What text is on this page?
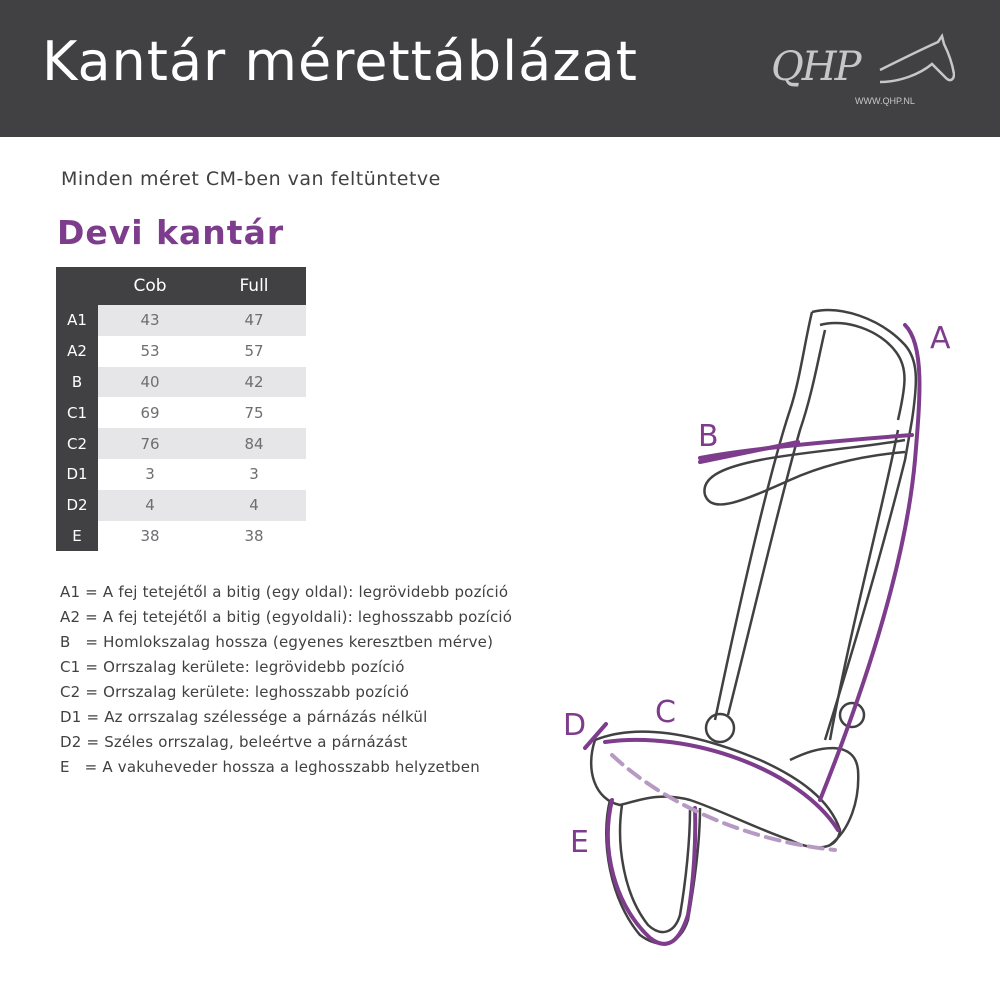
Kantár mérettáblázat	QHP
WWW.QHP.NL
Minden méret CM-ben van feltüntetve
Devi kantár
	Cob	Full
A1	43	47
A2	53	57
B	40	42
C1	69	75
C2	76	84
D1	3	3
D2	4	4
E	38	38
A1 = A fej tetejétől a bitig (egy oldal): legrövidebb pozíció
A2 = A fej tetejétől a bitig (egyoldali): leghosszabb pozíció
B   = Homlokszalag hossza (egyenes keresztben mérve)
C1 = Orrszalag kerülete: legrövidebb pozíció
C2 = Orrszalag kerülete: leghosszabb pozíció
D1 = Az orrszalag szélessége a párnázás nélkül
D2 = Széles orrszalag, beleértve a párnázást
E   = A vakuheveder hossza a leghosszabb helyzetben
A
B
C
D
E
